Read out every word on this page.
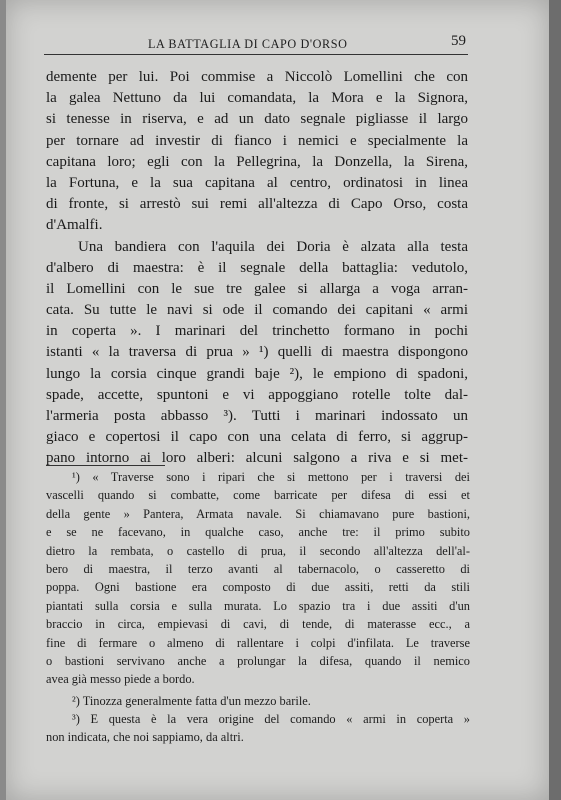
LA BATTAGLIA DI CAPO D'ORSO	59
demente per lui. Poi commise a Niccolò Lomellini che con
la galea Nettuno da lui comandata, la Mora e la Signora,
si tenesse in riserva, e ad un dato segnale pigliasse il largo
per tornare ad investir di fianco i nemici e specialmente la
capitana loro; egli con la Pellegrina, la Donzella, la Sirena,
la Fortuna, e la sua capitana al centro, ordinatosi in linea
di fronte, si arrestò sui remi all'altezza di Capo Orso, costa
d'Amalfi.
Una bandiera con l'aquila dei Doria è alzata alla testa
d'albero di maestra: è il segnale della battaglia: vedutolo,
il Lomellini con le sue tre galee si allarga a voga arran-
cata. Su tutte le navi si ode il comando dei capitani « armi
in coperta ». I marinari del trinchetto formano in pochi
istanti « la traversa di prua » ¹) quelli di maestra dispongono
lungo la corsia cinque grandi baje ²), le empiono di spadoni,
spade, accette, spuntoni e vi appoggiano rotelle tolte dal-
l'armeria posta abbasso ³). Tutti i marinari indossato un
giaco e copertosi il capo con una celata di ferro, si aggrup-
pano intorno ai loro alberi: alcuni salgono a riva e si met-
¹) « Traverse sono i ripari che si mettono per i traversi dei
vascelli quando si combatte, come barricate per difesa di essi et
della gente » Pantera, Armata navale. Si chiamavano pure bastioni,
e se ne facevano, in qualche caso, anche tre: il primo subito
dietro la rembata, o castello di prua, il secondo all'altezza dell'al-
bero di maestra, il terzo avanti al tabernacolo, o casseretto di
poppa. Ogni bastione era composto di due assiti, retti da stili
piantati sulla corsia e sulla murata. Lo spazio tra i due assiti d'un
braccio in circa, empievasi di cavi, di tende, di materasse ecc., a
fine di fermare o almeno di rallentare i colpi d'infilata. Le traverse
o bastioni servivano anche a prolungar la difesa, quando il nemico
avea già messo piede a bordo.
²) Tinozza generalmente fatta d'un mezzo barile.
³) E questa è la vera origine del comando « armi in coperta »
non indicata, che noi sappiamo, da altri.
